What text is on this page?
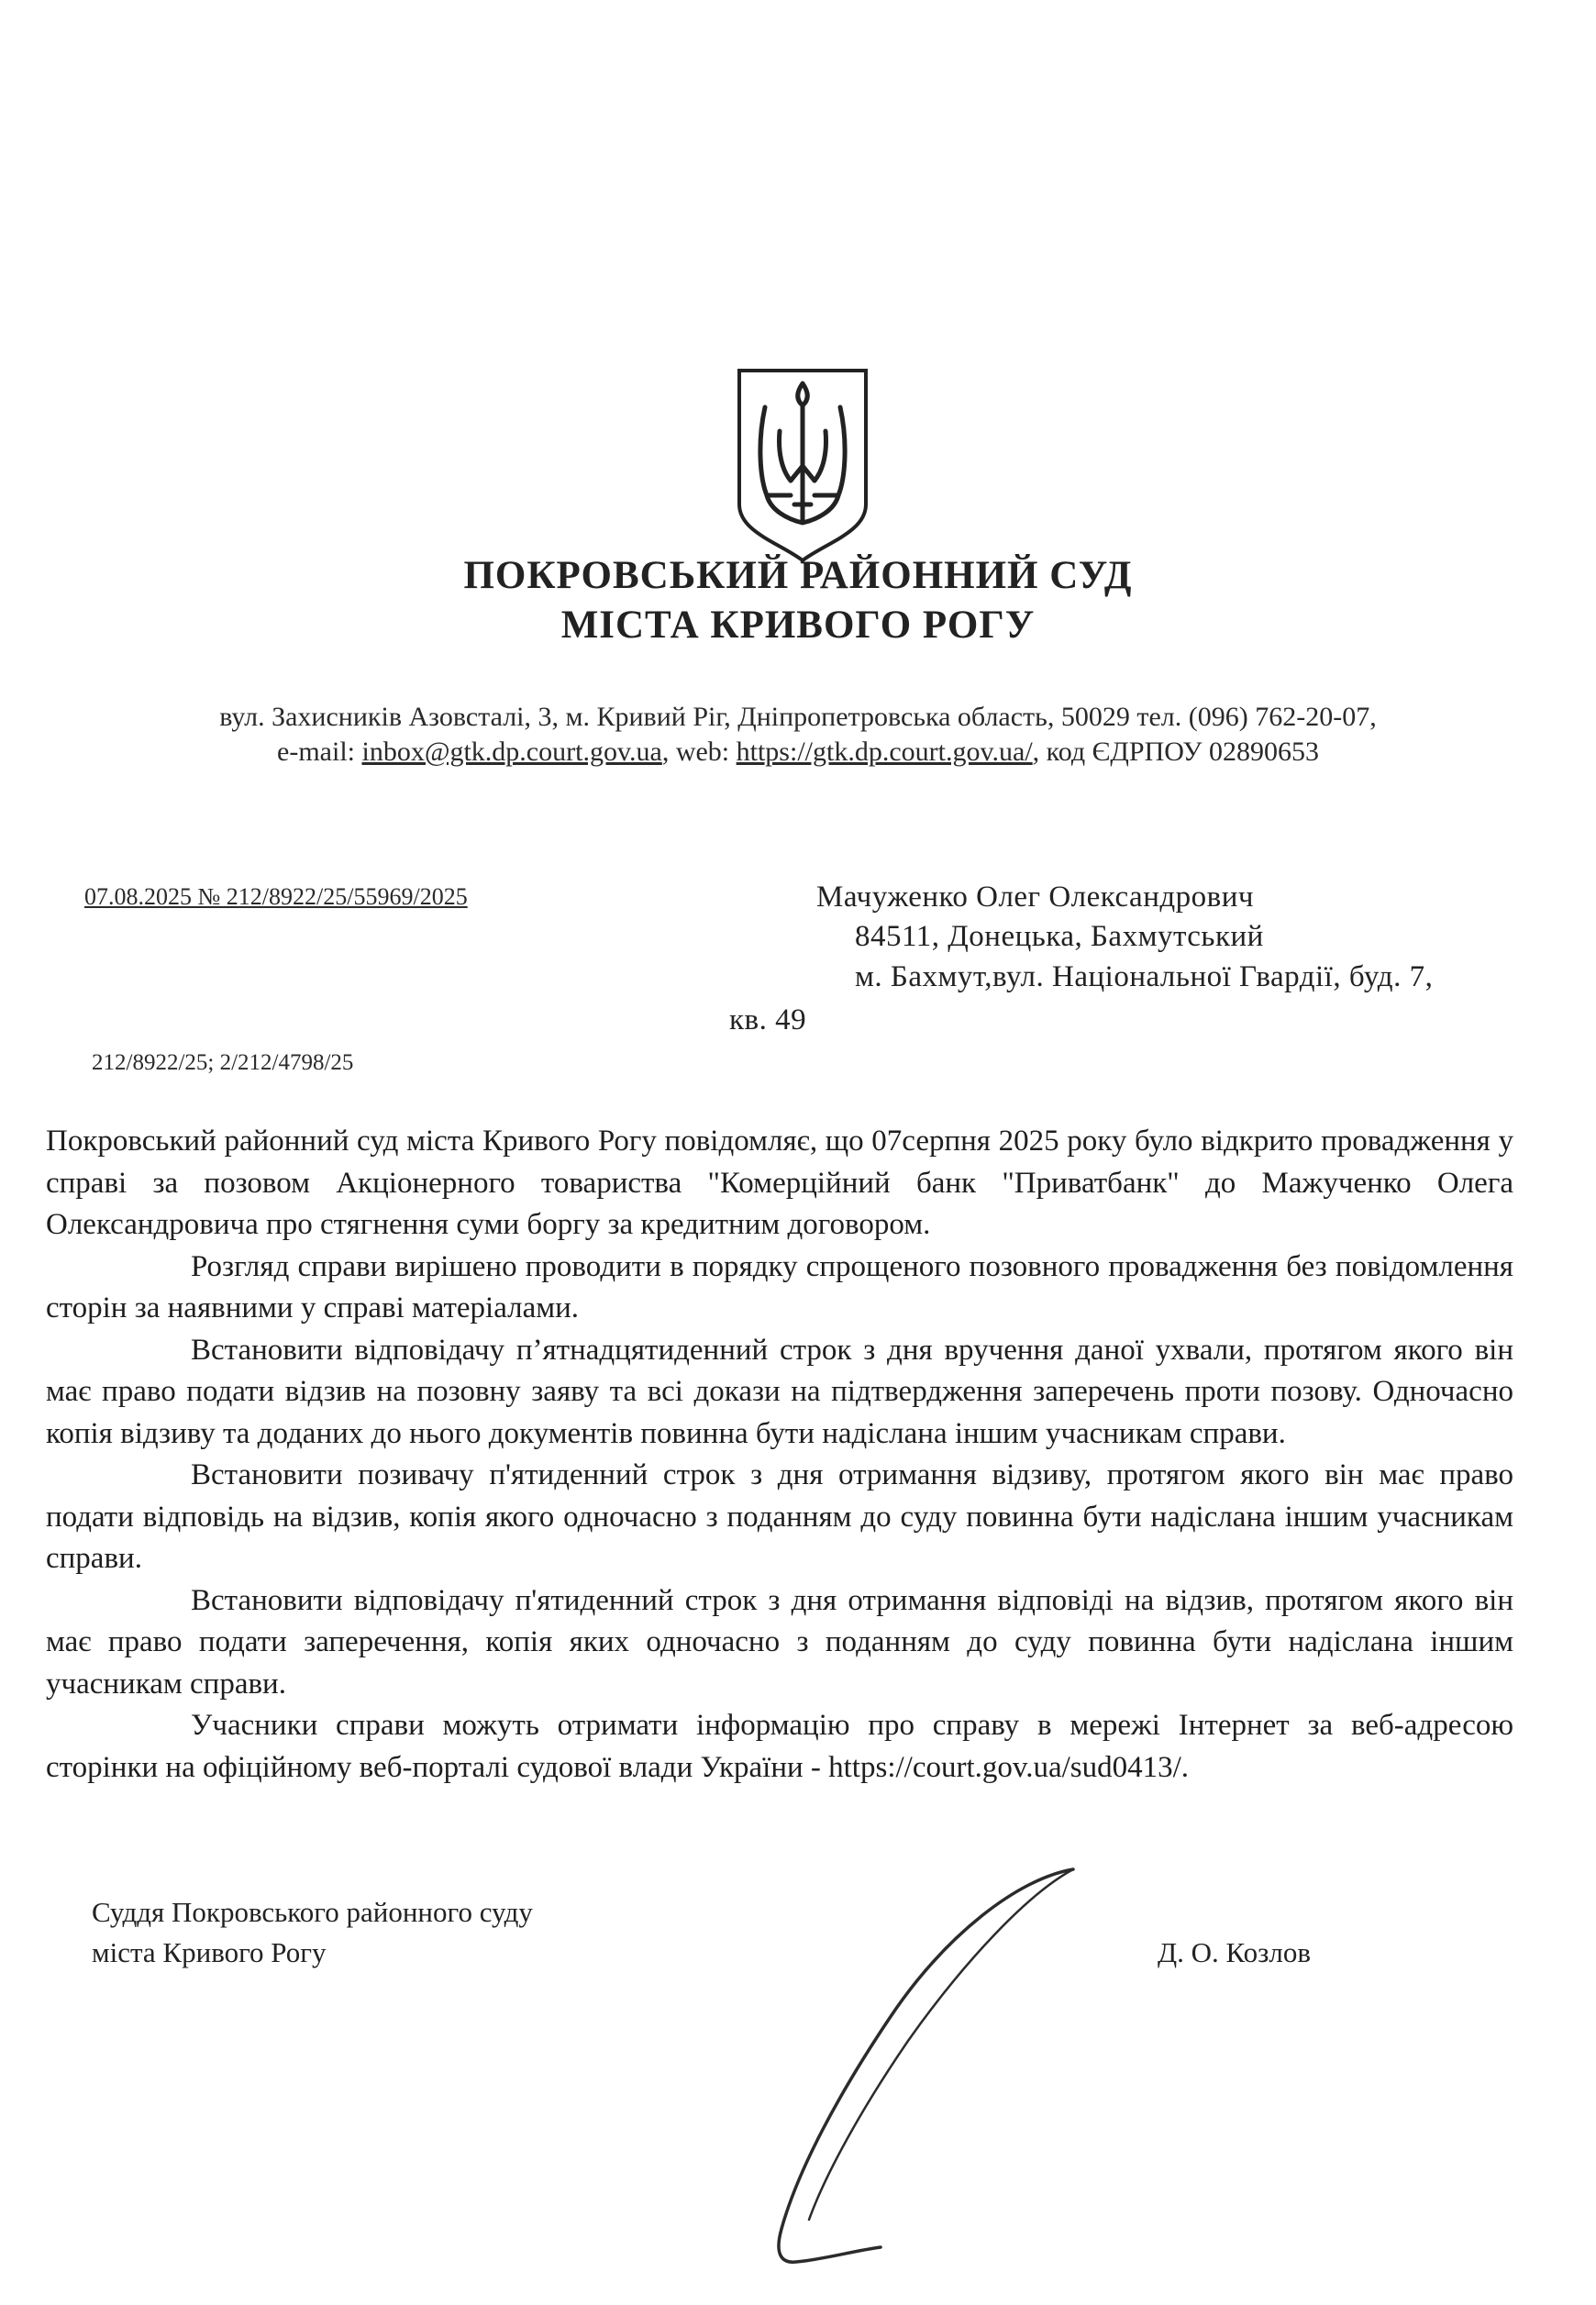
ПОКРОВСЬКИЙ РАЙОННИЙ СУД
МІСТА КРИВОГО РОГУ
вул. Захисників Азовсталі, 3, м. Кривий Ріг, Дніпропетровська область, 50029 тел. (096) 762-20-07,
e-mail: inbox@gtk.dp.court.gov.ua, web: https://gtk.dp.court.gov.ua/, код ЄДРПОУ 02890653
07.08.2025 № 212/8922/25/55969/2025	Мачуженко Олег Олександрович
84511, Донецька, Бахмутський
м. Бахмут,вул. Національної Гвардії, буд. 7,
кв. 49
212/8922/25; 2/212/4798/25

Покровський районний суд міста Кривого Рогу повідомляє, що 07серпня 2025 року було відкрито провадження у справі за позовом Акціонерного товариства "Комерційний банк "Приватбанк" до Мажученко Олега Олександровича про стягнення суми боргу за кредитним договором.

Розгляд справи вирішено проводити в порядку спрощеного позовного провадження без повідомлення сторін за наявними у справі матеріалами.

Встановити відповідачу п’ятнадцятиденний строк з дня вручення даної ухвали, протягом якого він має право подати відзив на позовну заяву та всі докази на підтвердження заперечень проти позову. Одночасно копія відзиву та доданих до нього документів повинна бути надіслана іншим учасникам справи.

Встановити позивачу п'ятиденний строк з дня отримання відзиву, протягом якого він має право подати відповідь на відзив, копія якого одночасно з поданням до суду повинна бути надіслана іншим учасникам справи.

Встановити відповідачу п'ятиденний строк з дня отримання відповіді на відзив, протягом якого він має право подати заперечення, копія яких одночасно з поданням до суду повинна бути надіслана іншим учасникам справи.

Учасники справи можуть отримати інформацію про справу в мережі Інтернет за веб-адресою сторінки на офіційному веб-порталі судової влади України - https://court.gov.ua/sud0413/.

Суддя Покровського районного суду
міста Кривого Рогу	Д. О. Козлов
